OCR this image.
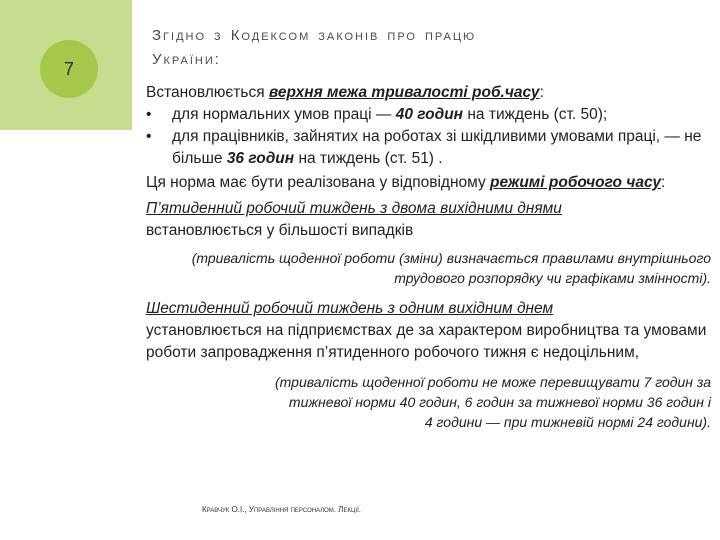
7
Згідно з Кодексом законів про працю
України:

Встановлюється верхня межа тривалості роб.часу:

• для нормальних умов праці — 40 годин на тиждень (ст. 50);

• для працівників, зайнятих на роботах зі шкідливими умовами праці, — не більше 36 годин на тиждень (ст. 51) .

Ця норма має бути реалізована у відповідному режимі робочого часу:

П’ятиденний робочий тиждень з двома вихідними днями

встановлюється у більшості випадків

(тривалість щоденної роботи (зміни) визначається правилами внутрішнього трудового розпорядку чи графіками змінності).

Шестиденний робочий тиждень з одним вихідним днем

установлюється на підприємствах де за характером виробництва та умовами роботи запровадження п’ятиденного робочого тижня є недоцільним,

(тривалість щоденної роботи не може перевищувати 7 годин за
тижневої норми 40 годин, 6 годин за тижневої норми 36 годин і
4 години — при тижневій нормі 24 години).
Кравчук О.І., Управління персоналом. Лекції.
